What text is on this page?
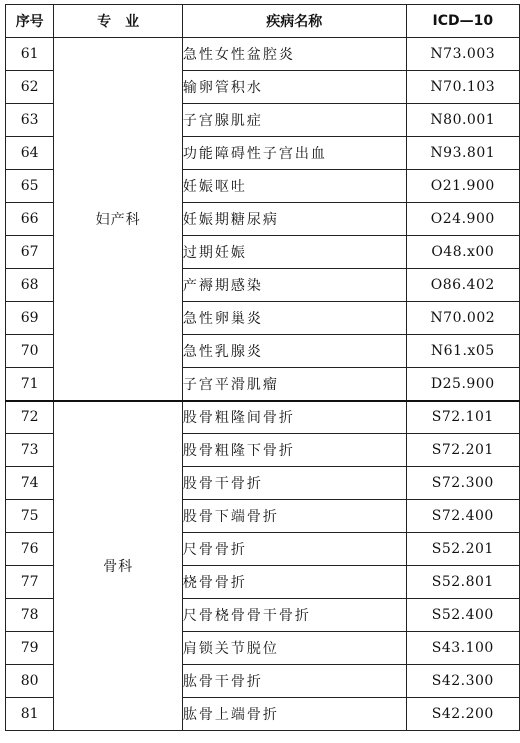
序号	专　业	疾病名称	ICD—10
61	妇产科	急性女性盆腔炎	N73.003
62		输卵管积水	N70.103
63		子宫腺肌症	N80.001
64		功能障碍性子宫出血	N93.801
65		妊娠呕吐	O21.900
66		妊娠期糖尿病	O24.900
67		过期妊娠	O48.x00
68		产褥期感染	O86.402
69		急性卵巢炎	N70.002
70		急性乳腺炎	N61.x05
71		子宫平滑肌瘤	D25.900
72	骨科	股骨粗隆间骨折	S72.101
73		股骨粗隆下骨折	S72.201
74		股骨干骨折	S72.300
75		股骨下端骨折	S72.400
76		尺骨骨折	S52.201
77		桡骨骨折	S52.801
78		尺骨桡骨骨干骨折	S52.400
79		肩锁关节脱位	S43.100
80		肱骨干骨折	S42.300
81		肱骨上端骨折	S42.200
